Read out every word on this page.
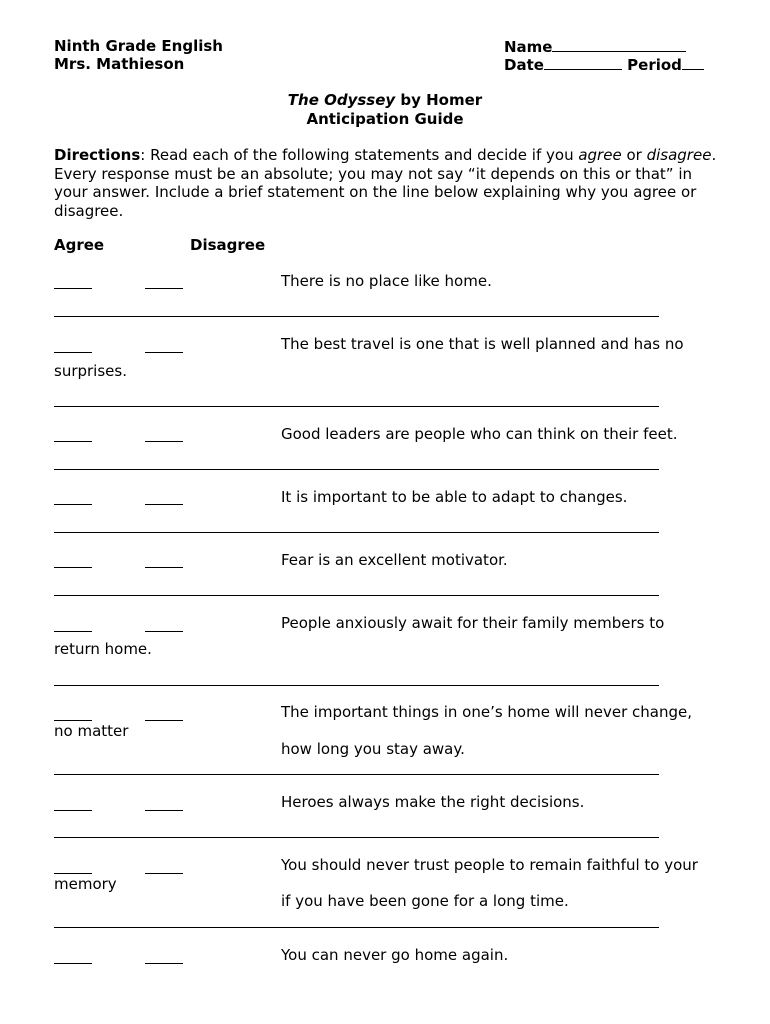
Ninth Grade English
Mrs. Mathieson
Name
Date	Period
The Odyssey by Homer
Anticipation Guide
Directions: Read each of the following statements and decide if you agree or disagree. Every response must be an absolute; you may not say “it depends on this or that” in your answer. Include a brief statement on the line below explaining why you agree or disagree.
Agree	Disagree
There is no place like home.
The best travel is one that is well planned and has no
surprises.
Good leaders are people who can think on their feet.
It is important to be able to adapt to changes.
Fear is an excellent motivator.
People anxiously await for their family members to
return home.
The important things in one’s home will never change,
no matter
how long you stay away.
Heroes always make the right decisions.
You should never trust people to remain faithful to your
memory
if you have been gone for a long time.
You can never go home again.
